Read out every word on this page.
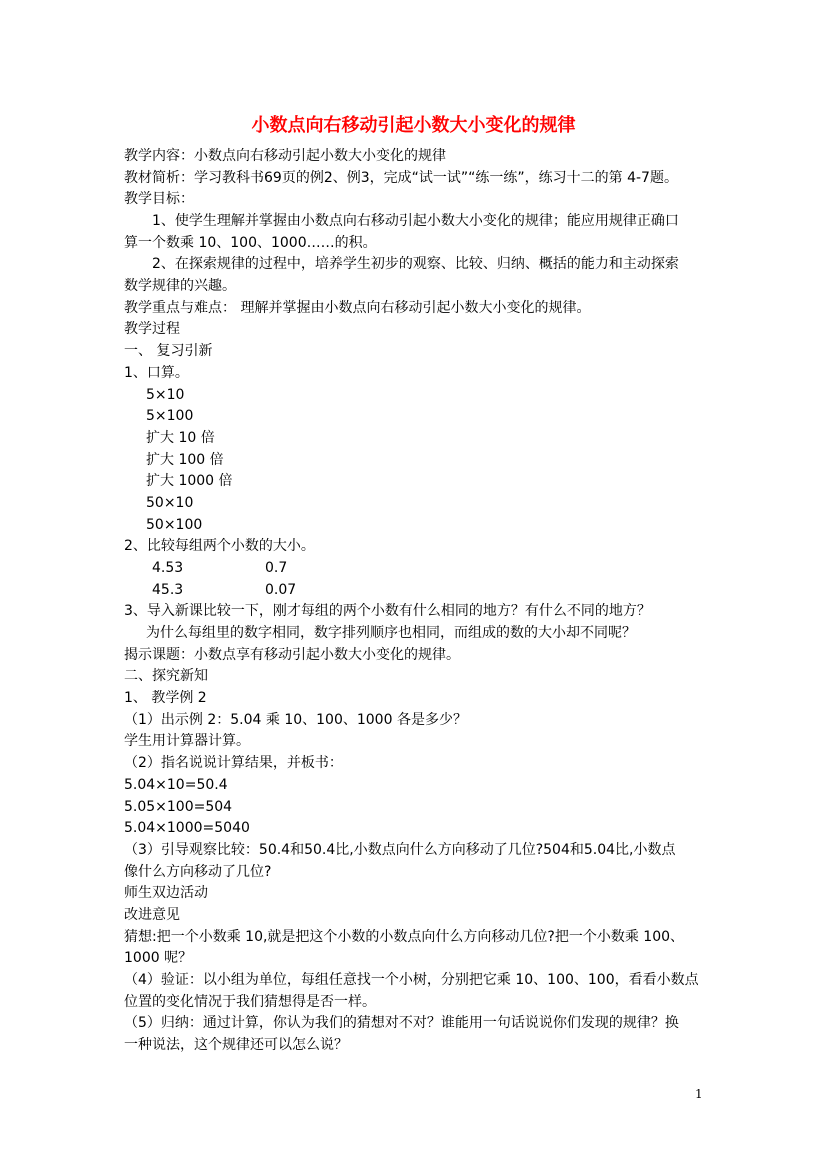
小数点向右移动引起小数大小变化的规律
教学内容：小数点向右移动引起小数大小变化的规律
教材简析：学习教科书69页的例2、例3，完成“试一试”“练一练”，练习十二的第 4-7题。
教学目标：
1、使学生理解并掌握由小数点向右移动引起小数大小变化的规律；能应用规律正确口
算一个数乘 10、100、1000……的积。
2、在探索规律的过程中，培养学生初步的观察、比较、归纳、概括的能力和主动探索
数学规律的兴趣。
教学重点与难点： 理解并掌握由小数点向右移动引起小数大小变化的规律。
教学过程
一、 复习引新
1、口算。
5×10
5×100
扩大 10 倍
扩大 100 倍
扩大 1000 倍
50×10
50×100
2、比较每组两个小数的大小。
4.53	0.7
45.3	0.07
3、导入新课比较一下，刚才每组的两个小数有什么相同的地方？有什么不同的地方？
为什么每组里的数字相同，数字排列顺序也相同，而组成的数的大小却不同呢？
揭示课题：小数点享有移动引起小数大小变化的规律。
二、探究新知
1、 教学例 2
（1）出示例 2：5.04 乘 10、100、1000 各是多少？
学生用计算器计算。
（2）指名说说计算结果，并板书：
5.04×10=50.4
5.05×100=504
5.04×1000=5040
（3）引导观察比较：50.4和50.4比,小数点向什么方向移动了几位?504和5.04比,小数点
像什么方向移动了几位?
师生双边活动
改进意见
猜想:把一个小数乘 10,就是把这个小数的小数点向什么方向移动几位?把一个小数乘 100、
1000 呢？
（4）验证：以小组为单位，每组任意找一个小树，分别把它乘 10、100、100，看看小数点
位置的变化情况于我们猜想得是否一样。
（5）归纳：通过计算，你认为我们的猜想对不对？谁能用一句话说说你们发现的规律？换
一种说法，这个规律还可以怎么说？
1
